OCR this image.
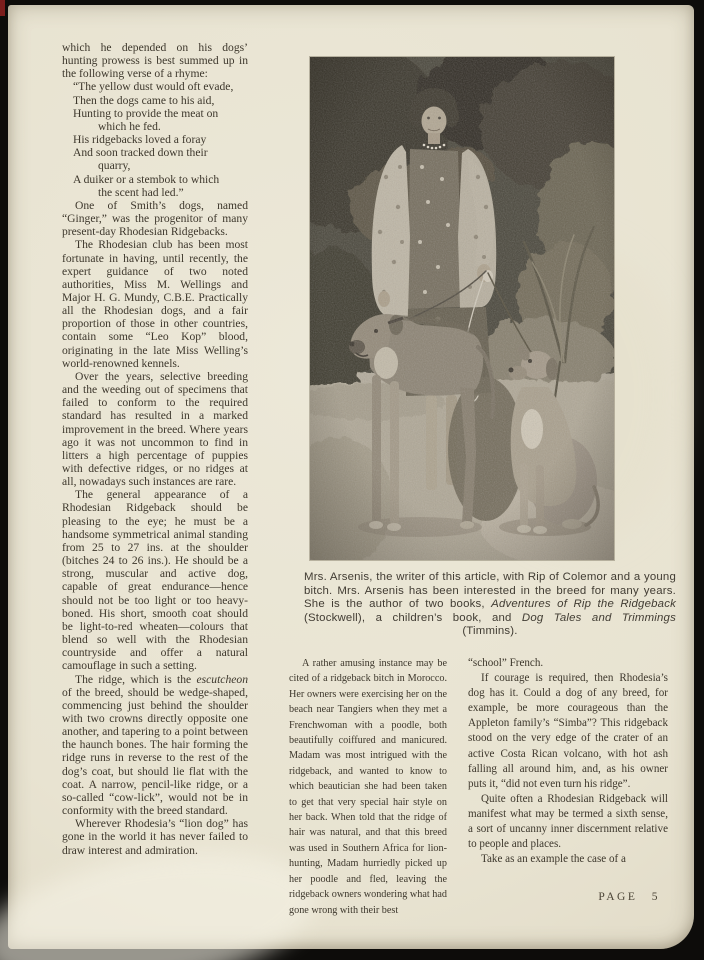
which he depended on his dogs’ hunting prowess is best summed up in the following verse of a rhyme:
“The yellow dust would oft evade,
Then the dogs came to his aid,
Hunting to provide the meat on
which he fed.
His ridgebacks loved a foray
And soon tracked down their
quarry,
A duiker or a stembok to which
the scent had led.”
One of Smith’s dogs, named “Ginger,” was the progenitor of many present-day Rhodesian Ridgebacks.
The Rhodesian club has been most fortunate in having, until recently, the expert guidance of two noted authorities, Miss M. Wellings and Major H. G. Mundy, C.B.E. Practically all the Rhodesian dogs, and a fair proportion of those in other countries, contain some “Leo Kop” blood, originating in the late Miss Welling’s world-renowned kennels.
Over the years, selective breeding and the weeding out of specimens that failed to conform to the required standard has resulted in a marked improvement in the breed. Where years ago it was not uncommon to find in litters a high percentage of puppies with defective ridges, or no ridges at all, nowadays such instances are rare.
The general appearance of a Rhodesian Ridgeback should be pleasing to the eye; he must be a handsome symmetrical animal standing from 25 to 27 ins. at the shoulder (bitches 24 to 26 ins.). He should be a strong, muscular and active dog, capable of great endurance—hence should not be too light or too heavy-boned. His short, smooth coat should be light-to-red wheaten—colours that blend so well with the Rhodesian countryside and offer a natural camouflage in such a setting.
The ridge, which is the escutcheon of the breed, should be wedge-shaped, commencing just behind the shoulder with two crowns directly opposite one another, and tapering to a point between the haunch bones. The hair forming the ridge runs in reverse to the rest of the dog’s coat, but should lie flat with the coat. A narrow, pencil-like ridge, or a so-called “cow-lick”, would not be in conformity with the breed standard.
Wherever Rhodesia’s “lion dog” has gone in the world it has never failed to draw interest and admiration.
Mrs. Arsenis, the writer of this article, with Rip of Colemor and a young bitch. Mrs. Arsenis has been interested in the breed for many years. She is the author of two books, Adventures of Rip the Ridgeback (Stockwell), a children’s book, and Dog Tales and Trimmings (Timmins).
A rather amusing instance may be cited of a ridgeback bitch in Morocco. Her owners were exercising her on the beach near Tangiers when they met a Frenchwoman with a poodle, both beautifully coiffured and manicured. Madam was most intrigued with the ridgeback, and wanted to know to which beautician she had been taken to get that very special hair style on her back. When told that the ridge of hair was natural, and that this breed was used in Southern Africa for lion-hunting, Madam hurriedly picked up her poodle and fled, leaving the ridgeback owners wondering what had gone wrong with their best
“school” French.
If courage is required, then Rhodesia’s dog has it. Could a dog of any breed, for example, be more courageous than the Appleton family’s “Simba”? This ridgeback stood on the very edge of the crater of an active Costa Rican volcano, with hot ash falling all around him, and, as his owner puts it, “did not even turn his ridge”.
Quite often a Rhodesian Ridgeback will manifest what may be termed a sixth sense, a sort of uncanny inner discernment relative to people and places.
Take as an example the case of a
PAGE 5
